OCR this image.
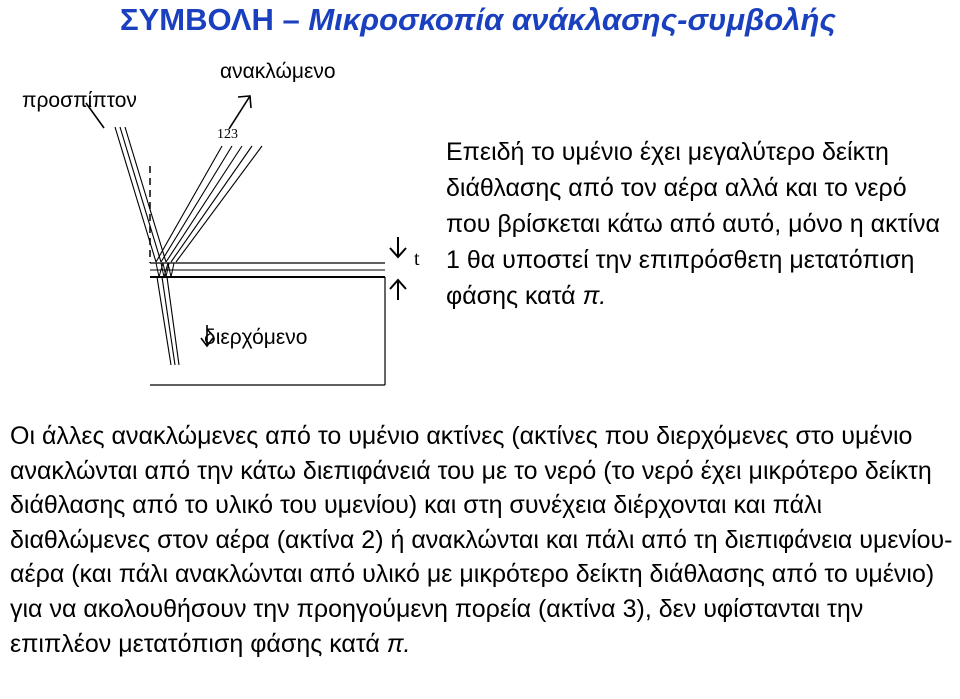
ΣΥΜΒΟΛΗ – Μικροσκοπία ανάκλασης-συμβολής
123
t
προσπίπτον
ανακλώμενο
διερχόμενο

Επειδή το υμένιο έχει μεγαλύτερο δείκτη διάθλασης από τον αέρα αλλά και το νερό που βρίσκεται κάτω από αυτό, μόνο η ακτίνα 1 θα υποστεί την επιπρόσθετη μετατόπιση φάσης κατά π.

Οι άλλες ανακλώμενες από το υμένιο ακτίνες (ακτίνες που διερχόμενες στο υμένιο ανακλώνται από την κάτω διεπιφάνειά του με το νερό (το νερό έχει μικρότερο δείκτη διάθλασης από το υλικό του υμενίου) και στη συνέχεια διέρχονται και πάλι διαθλώμενες στον αέρα (ακτίνα 2) ή ανακλώνται και πάλι από τη διεπιφάνεια υμενίου-αέρα (και πάλι ανακλώνται από υλικό με μικρότερο δείκτη διάθλασης από το υμένιο) για να ακολουθήσουν την προηγούμενη πορεία (ακτίνα 3), δεν υφίστανται την επιπλέον μετατόπιση φάσης κατά π.
